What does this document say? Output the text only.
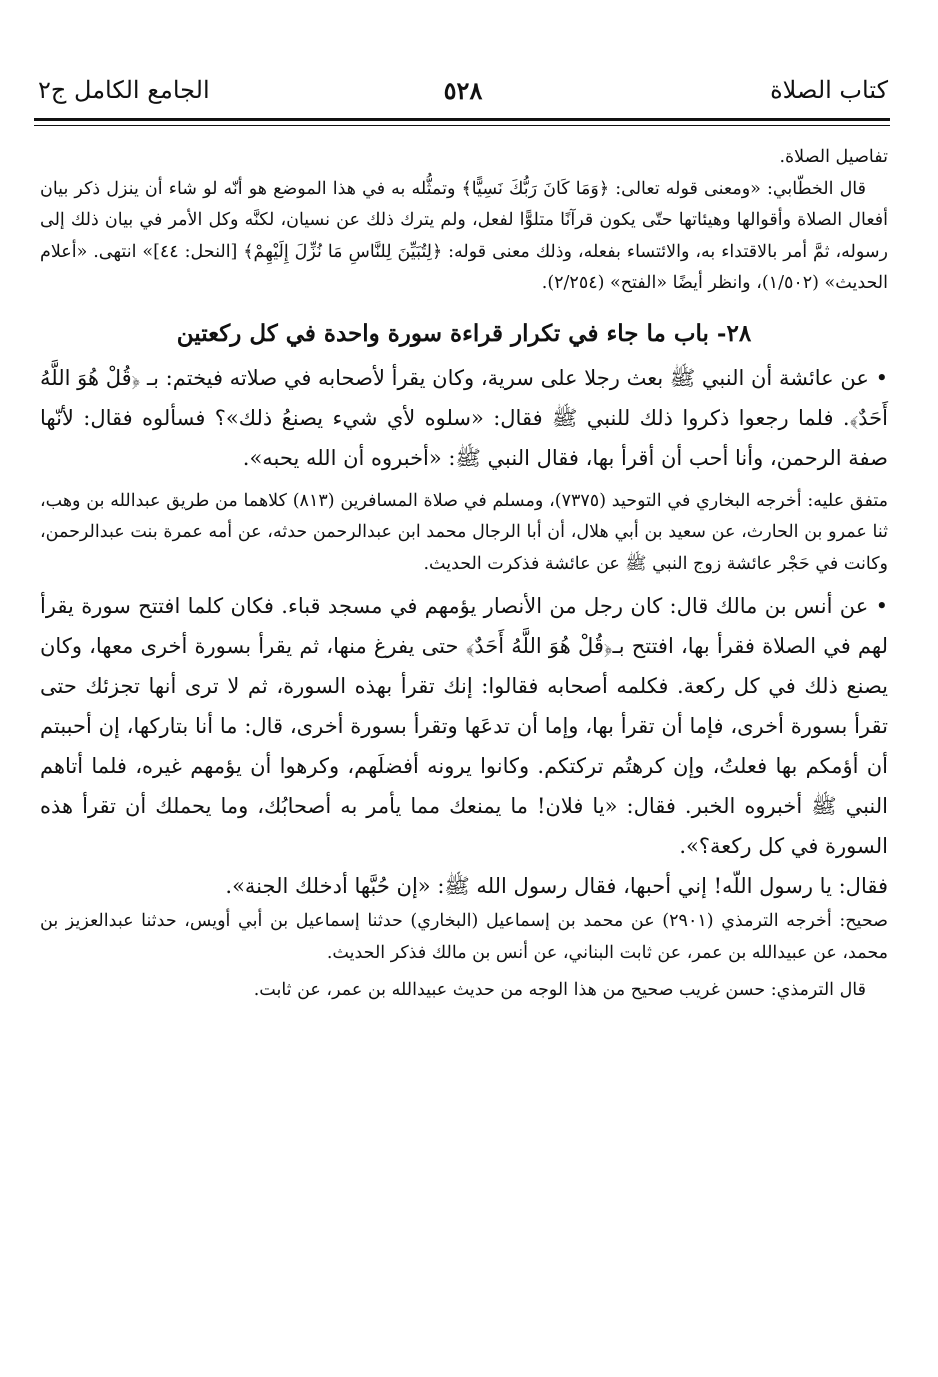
كتاب الصلاة
٥٢٨
الجامع الكامل ج٢

تفاصيل الصلاة.

قال الخطّابي: «ومعنى قوله تعالى: ﴿وَمَا كَانَ رَبُّكَ نَسِيًّا﴾ وتمثُّله به في هذا الموضع هو أنّه لو شاء أن ينزل ذكر بيان أفعال الصلاة وأقوالها وهيئاتها حتّى يكون قرآنًا متلوًّا لفعل، ولم يترك ذلك عن نسيان، لكنَّه وكل الأمر في بيان ذلك إلى رسوله، ثمَّ أمر بالاقتداء به، والائتساء بفعله، وذلك معنى قوله: ﴿لِتُبَيِّنَ لِلنَّاسِ مَا نُزِّلَ إِلَيْهِمْ﴾ [النحل: ٤٤]» انتهى. «أعلام الحديث» (١/٥٠٢)، وانظر أيضًا «الفتح» (٢/٢٥٤).

٢٨- باب ما جاء في تكرار قراءة سورة واحدة في كل ركعتين

• عن عائشة أن النبي ﷺ بعث رجلا على سرية، وكان يقرأ لأصحابه في صلاته فيختم: بـ ﴿قُلْ هُوَ اللَّهُ أَحَدٌ﴾. فلما رجعوا ذكروا ذلك للنبي ﷺ فقال: «سلوه لأي شيء يصنعُ ذلك»؟ فسألوه فقال: لأنّها صفة الرحمن، وأنا أحب أن أقرأ بها، فقال النبي ﷺ: «أخبروه أن الله يحبه».

متفق عليه: أخرجه البخاري في التوحيد (٧٣٧٥)، ومسلم في صلاة المسافرين (٨١٣) كلاهما من طريق عبدالله بن وهب، ثنا عمرو بن الحارث، عن سعيد بن أبي هلال، أن أبا الرجال محمد ابن عبدالرحمن حدثه، عن أمه عمرة بنت عبدالرحمن، وكانت في حَجْر عائشة زوج النبي ﷺ عن عائشة فذكرت الحديث.

• عن أنس بن مالك قال: كان رجل من الأنصار يؤمهم في مسجد قباء. فكان كلما افتتح سورة يقرأ لهم في الصلاة فقرأ بها، افتتح بـ﴿قُلْ هُوَ اللَّهُ أَحَدٌ﴾ حتى يفرغ منها، ثم يقرأ بسورة أخرى معها، وكان يصنع ذلك في كل ركعة. فكلمه أصحابه فقالوا: إنك تقرأ بهذه السورة، ثم لا ترى أنها تجزئك حتى تقرأ بسورة أخرى، فإما أن تقرأ بها، وإما أن تدعَها وتقرأ بسورة أخرى، قال: ما أنا بتاركها، إن أحببتم أن أؤمكم بها فعلتُ، وإن كرهتُم تركتكم. وكانوا يرونه أفضلَهم، وكرهوا أن يؤمهم غيره، فلما أتاهم النبي ﷺ أخبروه الخبر. فقال: «يا فلان! ما يمنعك مما يأمر به أصحابُك، وما يحملك أن تقرأ هذه السورة في كل ركعة؟».

فقال: يا رسول اللّه! إني أحبها، فقال رسول الله ﷺ: «إن حُبَّها أدخلك الجنة».

صحيح: أخرجه الترمذي (٢٩٠١) عن محمد بن إسماعيل (البخاري) حدثنا إسماعيل بن أبي أويس، حدثنا عبدالعزيز بن محمد، عن عبيدالله بن عمر، عن ثابت البناني، عن أنس بن مالك فذكر الحديث.

قال الترمذي: حسن غريب صحيح من هذا الوجه من حديث عبيدالله بن عمر، عن ثابت.
